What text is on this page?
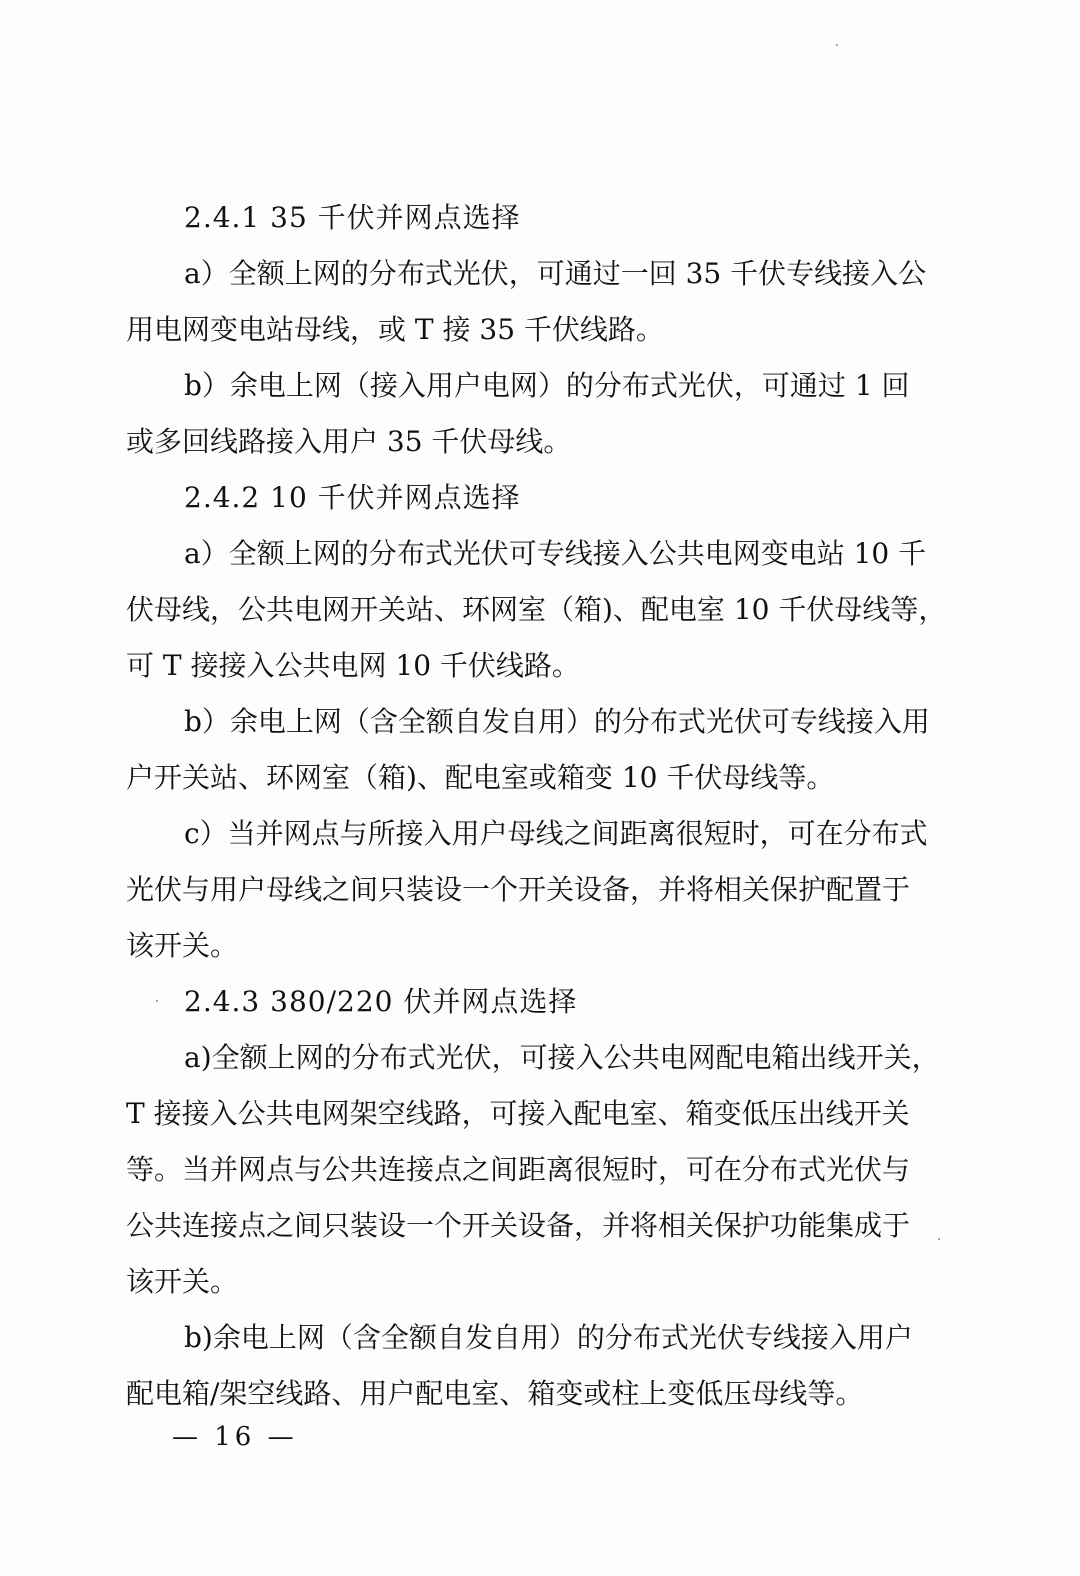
2.4.1 35 千伏并网点选择
a）全额上网的分布式光伏，可通过一回 35 千伏专线接入公
用电网变电站母线，或 T 接 35 千伏线路。
b）余电上网（接入用户电网）的分布式光伏，可通过 1 回
或多回线路接入用户 35 千伏母线。
2.4.2 10 千伏并网点选择
a）全额上网的分布式光伏可专线接入公共电网变电站 10 千
伏母线，公共电网开关站、环网室（箱)、配电室 10 千伏母线等，
可 T 接接入公共电网 10 千伏线路。
b）余电上网（含全额自发自用）的分布式光伏可专线接入用
户开关站、环网室（箱)、配电室或箱变 10 千伏母线等。
c）当并网点与所接入用户母线之间距离很短时，可在分布式
光伏与用户母线之间只装设一个开关设备，并将相关保护配置于
该开关。
2.4.3 380/220 伏并网点选择
a)全额上网的分布式光伏，可接入公共电网配电箱出线开关，
T 接接入公共电网架空线路，可接入配电室、箱变低压出线开关
等。当并网点与公共连接点之间距离很短时，可在分布式光伏与
公共连接点之间只装设一个开关设备，并将相关保护功能集成于
该开关。
b)余电上网（含全额自发自用）的分布式光伏专线接入用户
配电箱/架空线路、用户配电室、箱变或柱上变低压母线等。
— 16 —
